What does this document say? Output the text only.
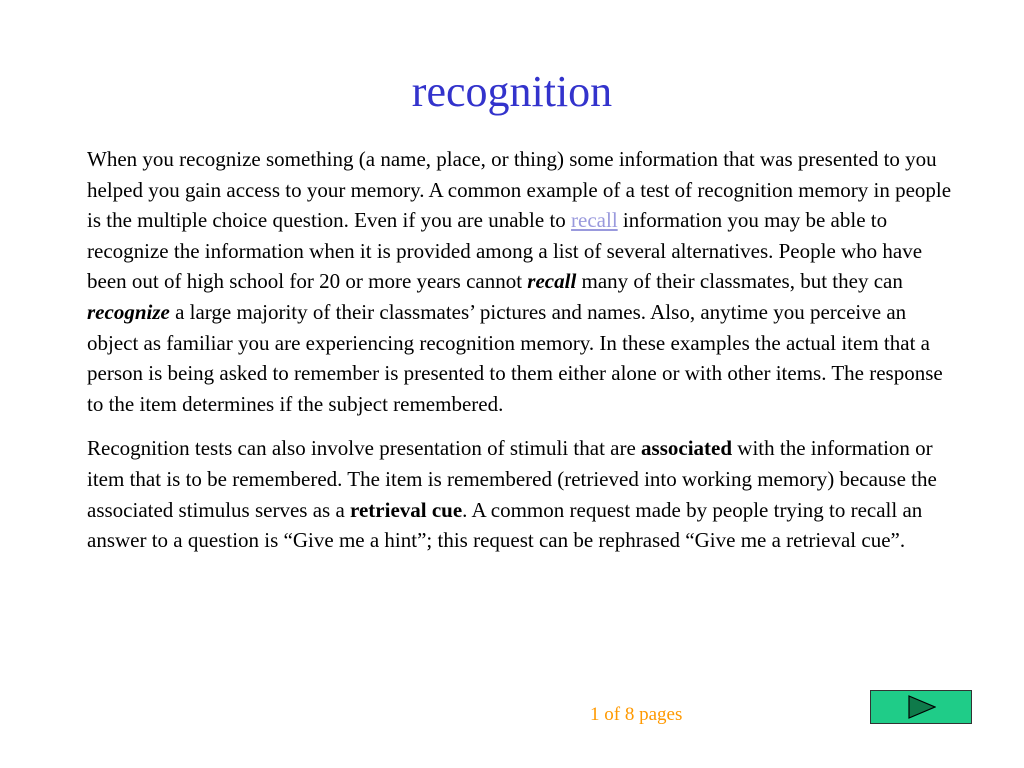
recognition

When you recognize something (a name, place, or thing) some information that was presented to you helped you gain access to your memory. A common example of a test of recognition memory in people is the multiple choice question. Even if you are unable to recall information you may be able to recognize the information when it is provided among a list of several alternatives. People who have been out of high school for 20 or more years cannot recall many of their classmates, but they can recognize a large majority of their classmates’ pictures and names. Also, anytime you perceive an object as familiar you are experiencing recognition memory. In these examples the actual item that a person is being asked to remember is presented to them either alone or with other items. The response to the item determines if the subject remembered.

Recognition tests can also involve presentation of stimuli that are associated with the information or item that is to be remembered. The item is remembered (retrieved into working memory) because the associated stimulus serves as a retrieval cue. A common request made by people trying to recall an answer to a question is “Give me a hint”; this request can be rephrased “Give me a retrieval cue”.

1 of 8 pages
